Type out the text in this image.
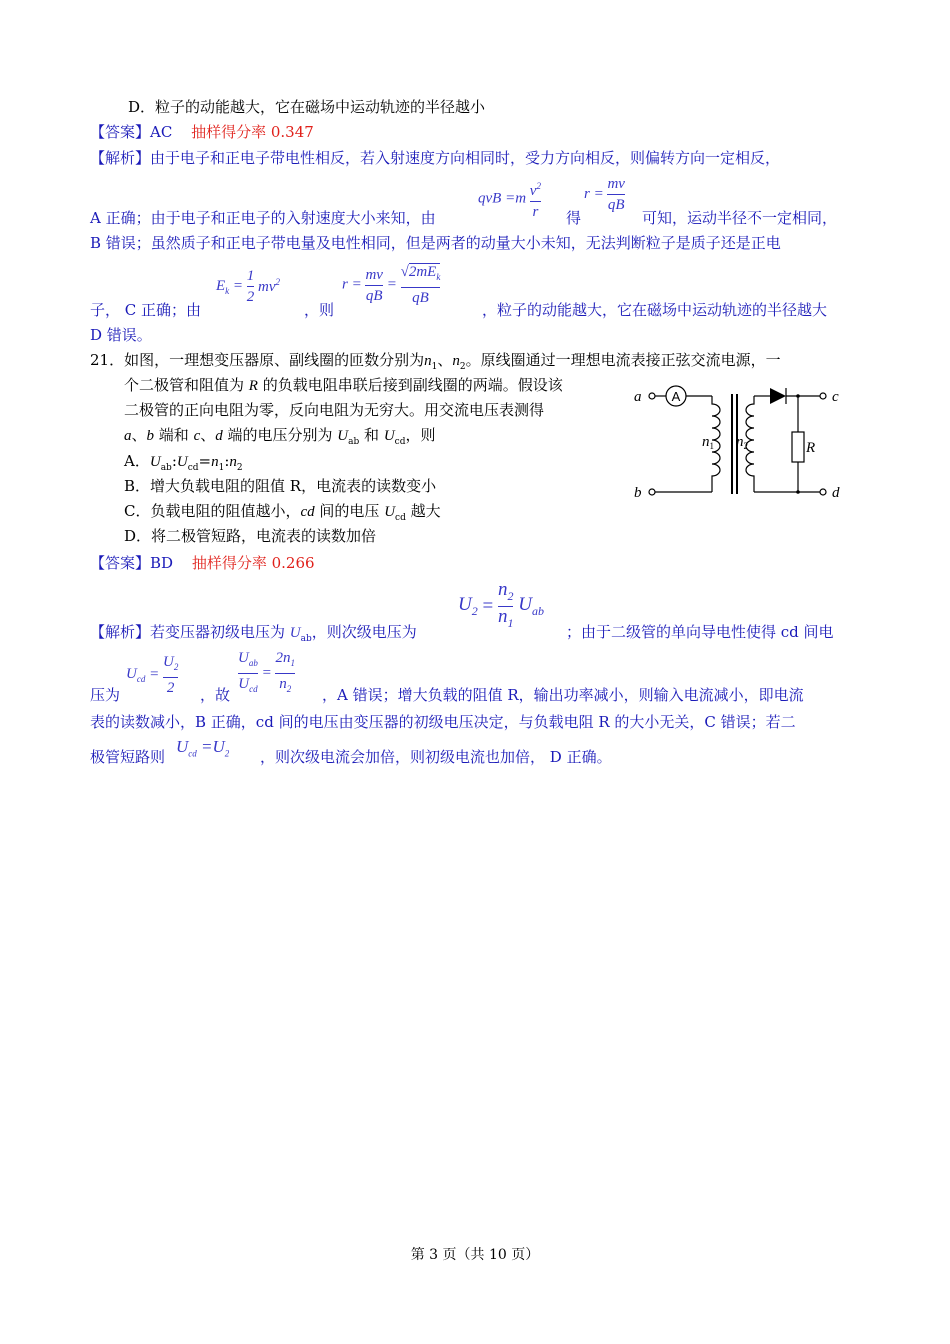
D．粒子的动能越大，它在磁场中运动轨迹的半径越小
【答案】AC 抽样得分率 0.347
【解析】由于电子和正电子带电性相反，若入射速度方向相同时，受力方向相反，则偏转方向一定相反，
A 正确；由于电子和正电子的入射速度大小来知，由
qvB $=m \frac{v^2}{r}$ 得
$r = \frac{mv}{qB}$
可知，运动半径不一定相同，
B 错误；虽然质子和正电子带电量及电性相同，但是两者的动量大小未知，无法判断粒子是质子还是正电
子， C 正确；由
$E_k = \frac{1}{2} mv^2$
，则
$r = \frac{mv}{qB} = \frac{√2mE_k}{qB}$
，粒子的动能越大，它在磁场中运动轨迹的半径越大
D 错误。
21．如图，一理想变压器原、副线圈的匝数分别为$n_1$、$n_2$。原线圈通过一理想电流表接正弦交流电源，一
个二极管和阻值为 R 的负载电阻串联后接到副线圈的两端。假设该
二极管的正向电阻为零，反向电阻为无穷大。用交流电压表测得
a、b 端和 c、d 端的电压分别为 $U_{ab}$ 和 $U_{cd}$，则
A．$U_{ab}:U_{cd}=n_1:n_2$
B．增大负载电阻的阻值 R，电流表的读数变小
C．负载电阻的阻值越小，cd 间的电压 $U_{cd}$ 越大
D．将二极管短路，电流表的读数加倍
a
b
c
d
R
$n_1$ $n_2$
A
【答案】BD 抽样得分率 0.266
【解析】若变压器初级电压为 $U_{ab}$，则次级电压为
$U_2 = \frac{n_2}{n_1} U_{ab}$
；由于二级管的单向导电性使得 cd 间电
压为
$U_{cd} = \frac{U_2}{2}$ ，故 $\frac{U_{ab}}{U_{cd}} = \frac{2n_1}{n_2}$ ，A 错误；增大负载的阻值 R，输出功率减小，则输入电流减小，即电流
表的读数减小，B 正确，cd 间的电压由变压器的初级电压决定，与负载电阻 R 的大小无关，C 错误；若二
极管短路则
$U_{cd} =U_2$ ，则次级电流会加倍，则初级电流也加倍， D 正确。
第 3 页（共 10 页）
